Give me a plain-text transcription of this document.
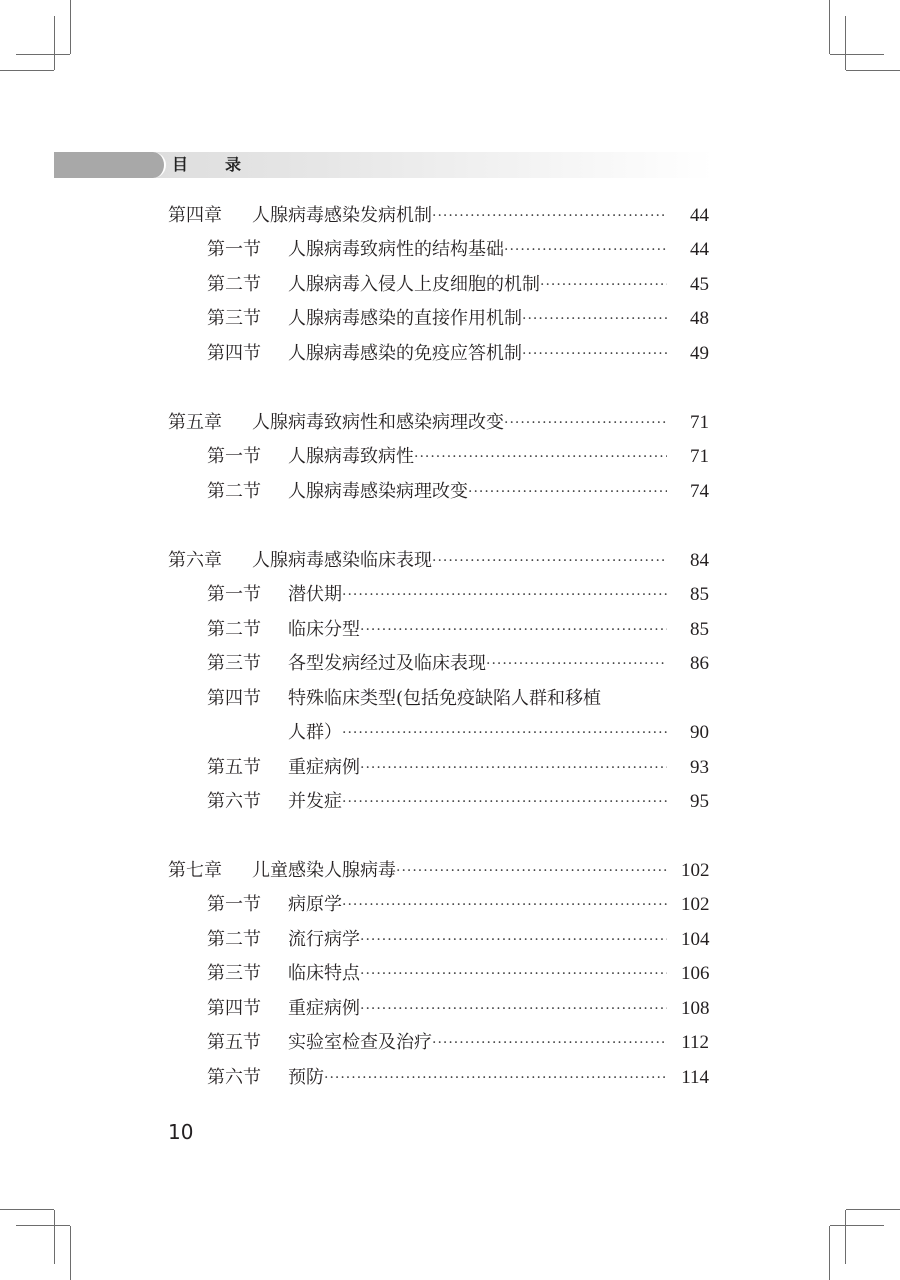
目 录
第四章	人腺病毒感染发病机制 ·····	44
第一节	人腺病毒致病性的结构基础 ·····	44
第二节	人腺病毒入侵人上皮细胞的机制 ·····	45
第三节	人腺病毒感染的直接作用机制 ·····	48
第四节	人腺病毒感染的免疫应答机制 ·····	49
第五章	人腺病毒致病性和感染病理改变 ·····	71
第一节	人腺病毒致病性 ·····	71
第二节	人腺病毒感染病理改变 ·····	74
第六章	人腺病毒感染临床表现 ·····	84
第一节	潜伏期 ·····	85
第二节	临床分型 ·····	85
第三节	各型发病经过及临床表现 ·····	86
第四节	特殊临床类型(包括免疫缺陷人群和移植
人群） ·····	90
第五节	重症病例 ·····	93
第六节	并发症 ·····	95
第七章	儿童感染人腺病毒 ·····	102
第一节	病原学 ·····	102
第二节	流行病学 ·····	104
第三节	临床特点 ·····	106
第四节	重症病例 ·····	108
第五节	实验室检查及治疗 ·····	112
第六节	预防 ·····	114
10
